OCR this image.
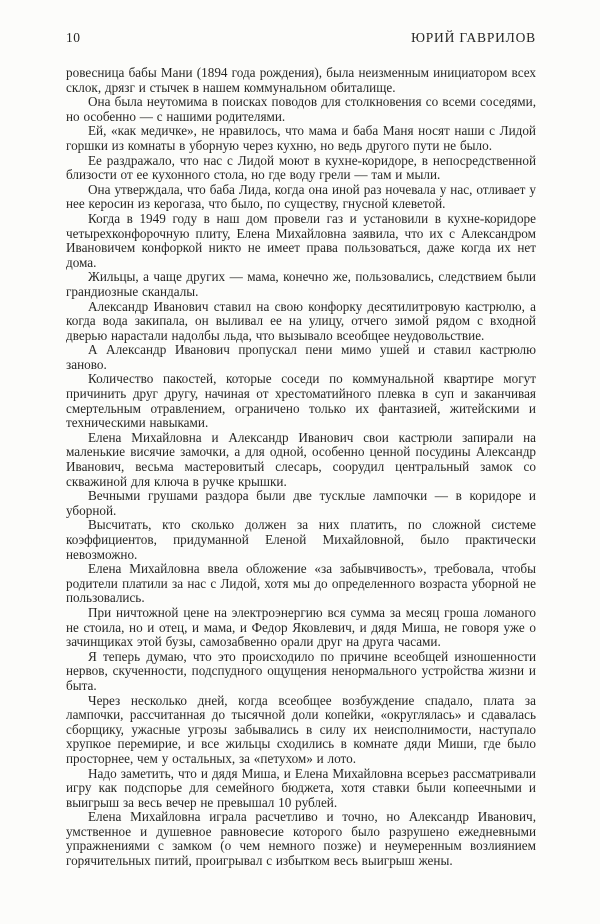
10	ЮРИЙ ГАВРИЛОВ

ровесница бабы Мани (1894 года рождения), была неизменным инициатором всех склок, дрязг и стычек в нашем коммунальном обиталище.

Она была неутомима в поисках поводов для столкновения со всеми соседями, но особенно — с нашими родителями.

Ей, «как медичке», не нравилось, что мама и баба Маня носят наши с Лидой горшки из комнаты в уборную через кухню, но ведь другого пути не было.

Ее раздражало, что нас с Лидой моют в кухне-коридоре, в непосредственной близости от ее кухонного стола, но где воду грели — там и мыли.

Она утверждала, что баба Лида, когда она иной раз ночевала у нас, отливает у нее керосин из керогаза, что было, по существу, гнусной клеветой.

Когда в 1949 году в наш дом провели газ и установили в кухне-коридоре четырехконфорочную плиту, Елена Михайловна заявила, что их с Александром Ивановичем конфоркой никто не имеет права пользоваться, даже когда их нет дома.

Жильцы, а чаще других — мама, конечно же, пользовались, следствием были грандиозные скандалы.

Александр Иванович ставил на свою конфорку десятилитровую кастрюлю, а когда вода закипала, он выливал ее на улицу, отчего зимой рядом с входной дверью нарастали надолбы льда, что вызывало всеобщее неудовольствие.

А Александр Иванович пропускал пени мимо ушей и ставил кастрюлю заново.

Количество пакостей, которые соседи по коммунальной квартире могут причинить друг другу, начиная от хрестоматийного плевка в суп и заканчивая смертельным отравлением, ограничено только их фантазией, житейскими и техническими навыками.

Елена Михайловна и Александр Иванович свои кастрюли запирали на маленькие висячие замочки, а для одной, особенно ценной посудины Александр Иванович, весьма мастеровитый слесарь, соорудил центральный замок со скважиной для ключа в ручке крышки.

Вечными грушами раздора были две тусклые лампочки — в коридоре и уборной.

Высчитать, кто сколько должен за них платить, по сложной системе коэффициентов, придуманной Еленой Михайловной, было практически невозможно.

Елена Михайловна ввела обложение «за забывчивость», требовала, чтобы родители платили за нас с Лидой, хотя мы до определенного возраста уборной не пользовались.

При ничтожной цене на электроэнергию вся сумма за месяц гроша ломаного не стоила, но и отец, и мама, и Федор Яковлевич, и дядя Миша, не говоря уже о зачинщиках этой бузы, самозабвенно орали друг на друга часами.

Я теперь думаю, что это происходило по причине всеобщей изношенности нервов, скученности, подспудного ощущения ненормального устройства жизни и быта.

Через несколько дней, когда всеобщее возбуждение спадало, плата за лампочки, рассчитанная до тысячной доли копейки, «округлялась» и сдавалась сборщику, ужасные угрозы забывались в силу их неисполнимости, наступало хрупкое перемирие, и все жильцы сходились в комнате дяди Миши, где было просторнее, чем у остальных, за «петухом» и лото.

Надо заметить, что и дядя Миша, и Елена Михайловна всерьез рассматривали игру как подспорье для семейного бюджета, хотя ставки были копеечными и выигрыш за весь вечер не превышал 10 рублей.

Елена Михайловна играла расчетливо и точно, но Александр Иванович, умственное и душевное равновесие которого было разрушено ежедневными упражнениями с замком (о чем немного позже) и неумеренным возлиянием горячительных питий, проигрывал с избытком весь выигрыш жены.
